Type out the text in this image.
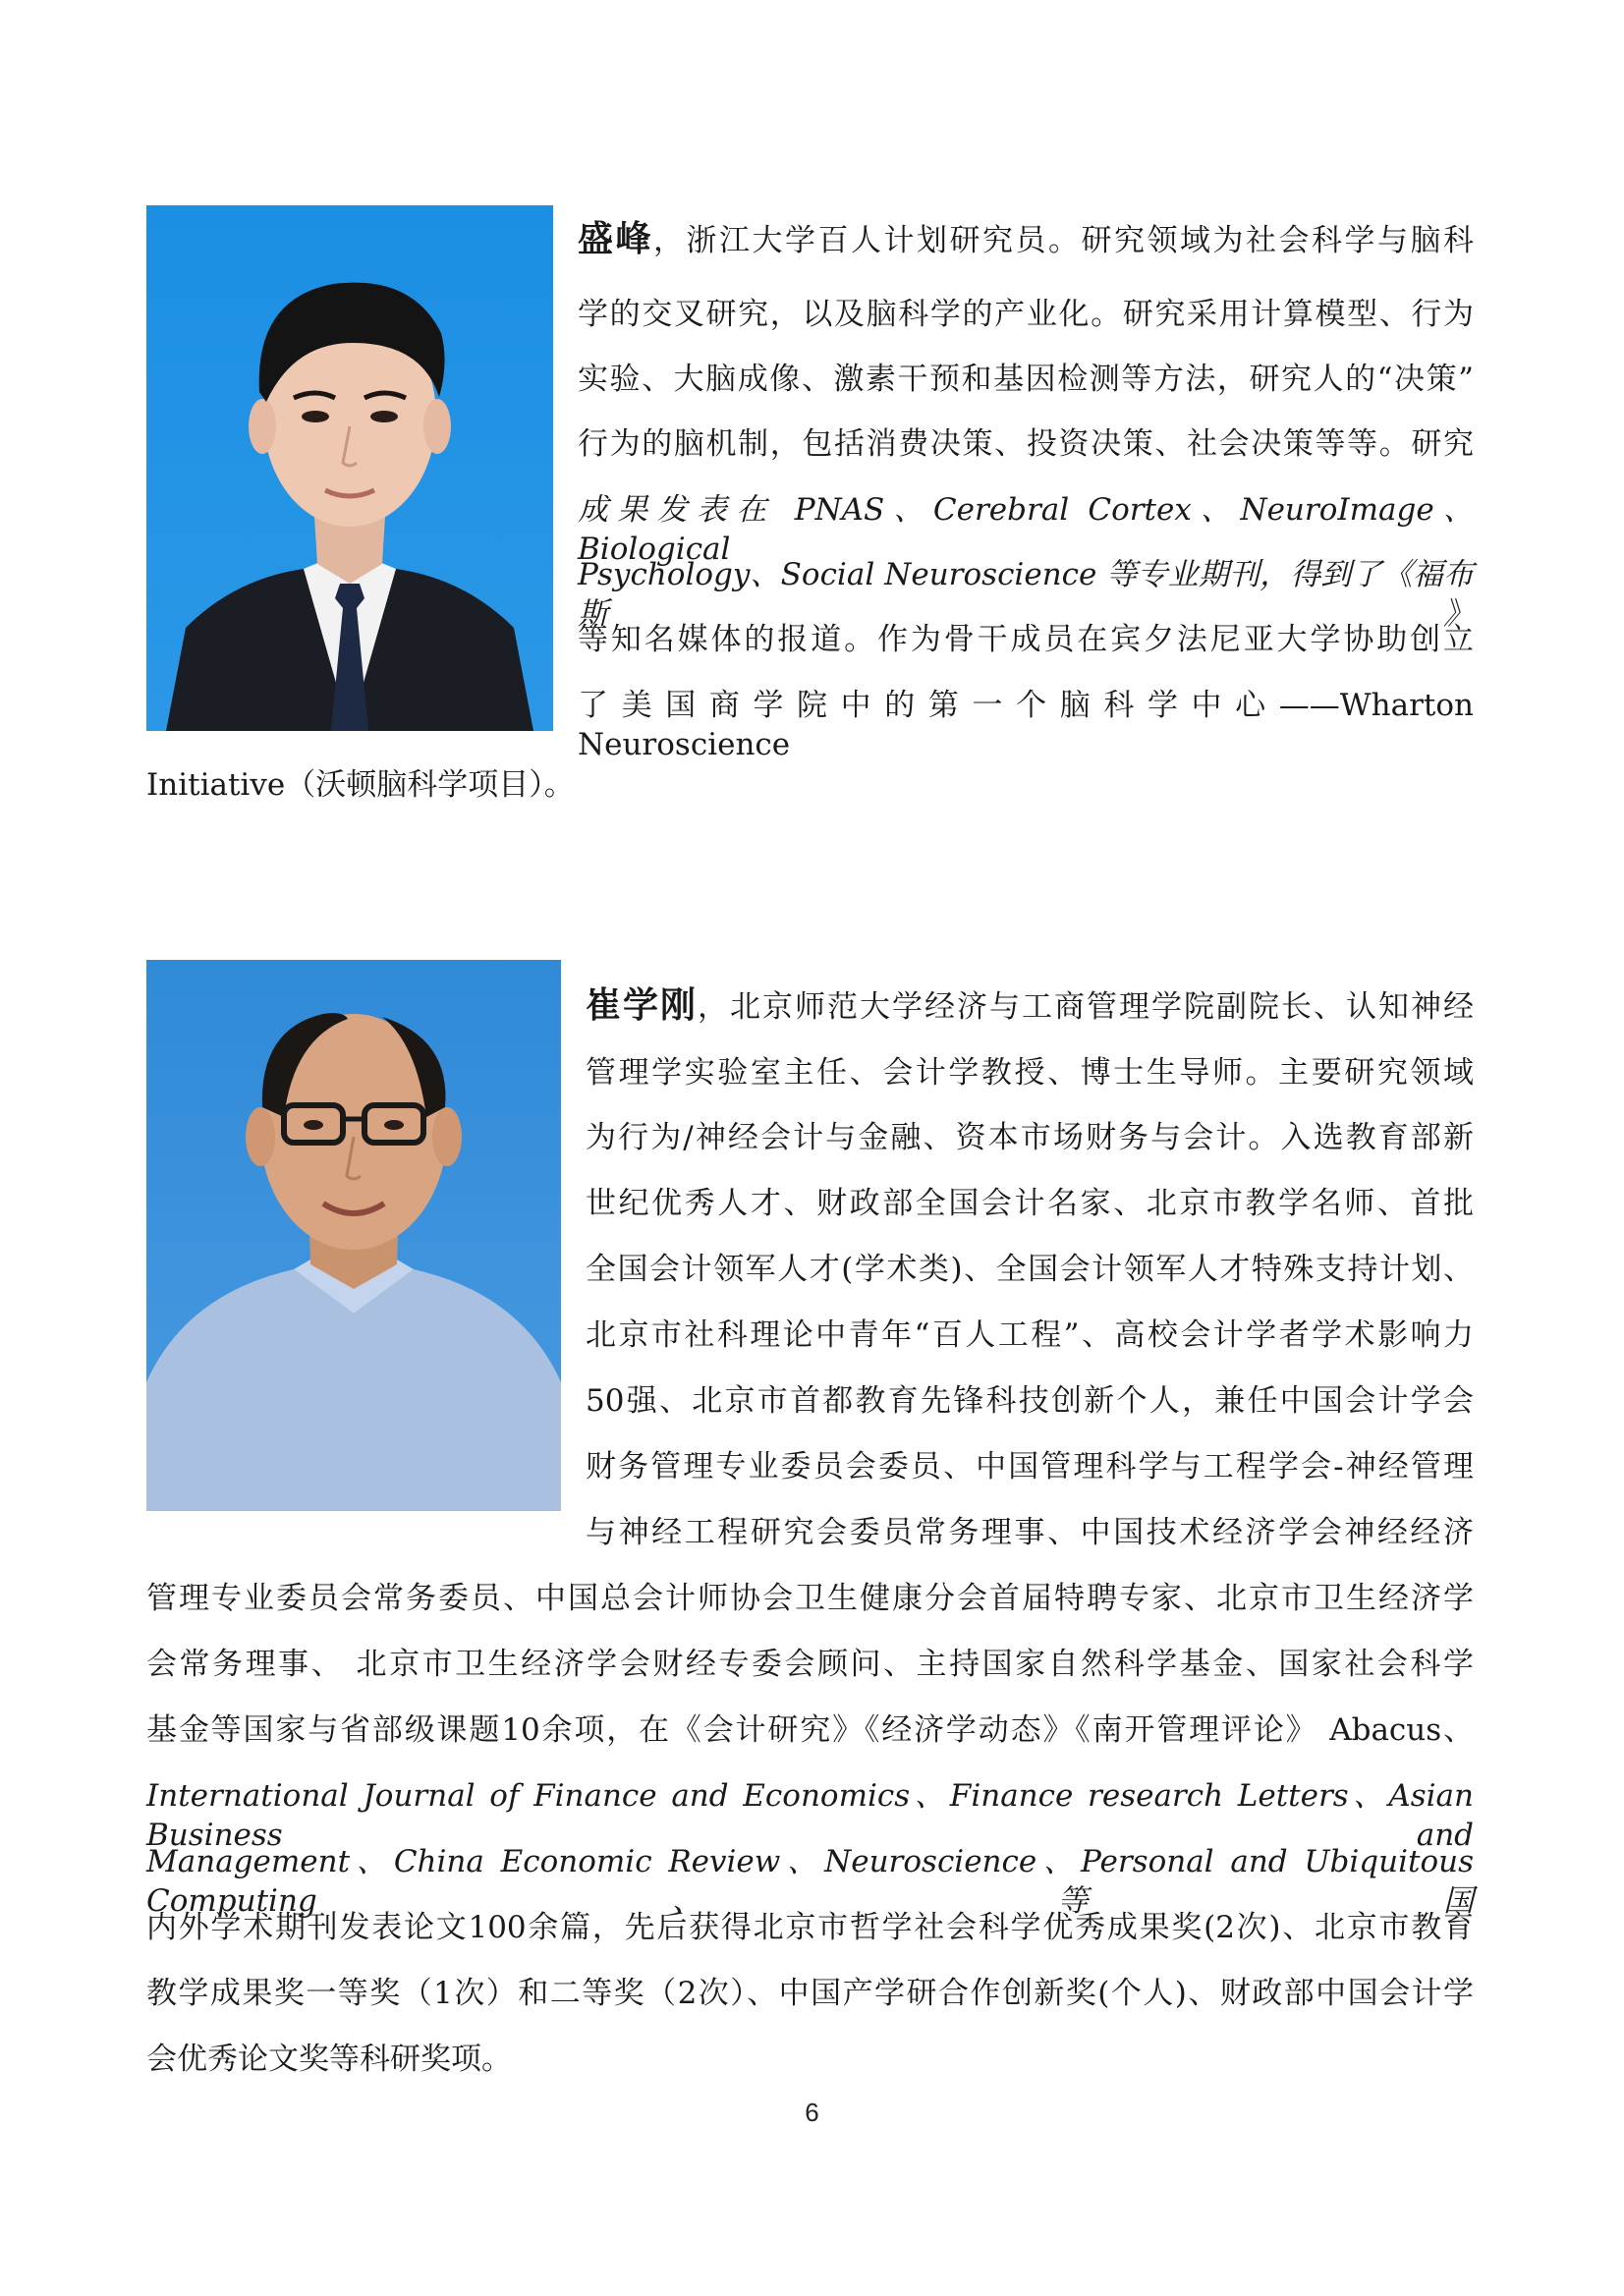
盛峰，浙江大学百人计划研究员。研究领域为社会科学与脑科
学的交叉研究，以及脑科学的产业化。研究采用计算模型、行为
实验、大脑成像、激素干预和基因检测等方法，研究人的“决策”
行为的脑机制，包括消费决策、投资决策、社会决策等等。研究
成果发表在 PNAS、Cerebral Cortex、NeuroImage、Biological
Psychology、Social Neuroscience 等专业期刊，得到了《福布斯》
等知名媒体的报道。作为骨干成员在宾夕法尼亚大学协助创立
了美国商学院中的第一个脑科学中心——Wharton Neuroscience
Initiative（沃顿脑科学项目）。
崔学刚，北京师范大学经济与工商管理学院副院长、认知神经
管理学实验室主任、会计学教授、博士生导师。主要研究领域
为行为/神经会计与金融、资本市场财务与会计。入选教育部新
世纪优秀人才、财政部全国会计名家、北京市教学名师、首批
全国会计领军人才(学术类)、全国会计领军人才特殊支持计划、
北京市社科理论中青年“百人工程”、高校会计学者学术影响力
50强、北京市首都教育先锋科技创新个人，兼任中国会计学会
财务管理专业委员会委员、中国管理科学与工程学会-神经管理
与神经工程研究会委员常务理事、中国技术经济学会神经经济
管理专业委员会常务委员、中国总会计师协会卫生健康分会首届特聘专家、北京市卫生经济学
会常务理事、 北京市卫生经济学会财经专委会顾问、主持国家自然科学基金、国家社会科学
基金等国家与省部级课题10余项，在《会计研究》《经济学动态》《南开管理评论》 Abacus、
International Journal of Finance and Economics、Finance research Letters、Asian Business and
Management、China Economic Review、Neuroscience、Personal and Ubiquitous Computing、等国
内外学术期刊发表论文100余篇，先后获得北京市哲学社会科学优秀成果奖(2次)、北京市教育
教学成果奖一等奖（1次）和二等奖（2次）、中国产学研合作创新奖(个人)、财政部中国会计学
会优秀论文奖等科研奖项。
6
